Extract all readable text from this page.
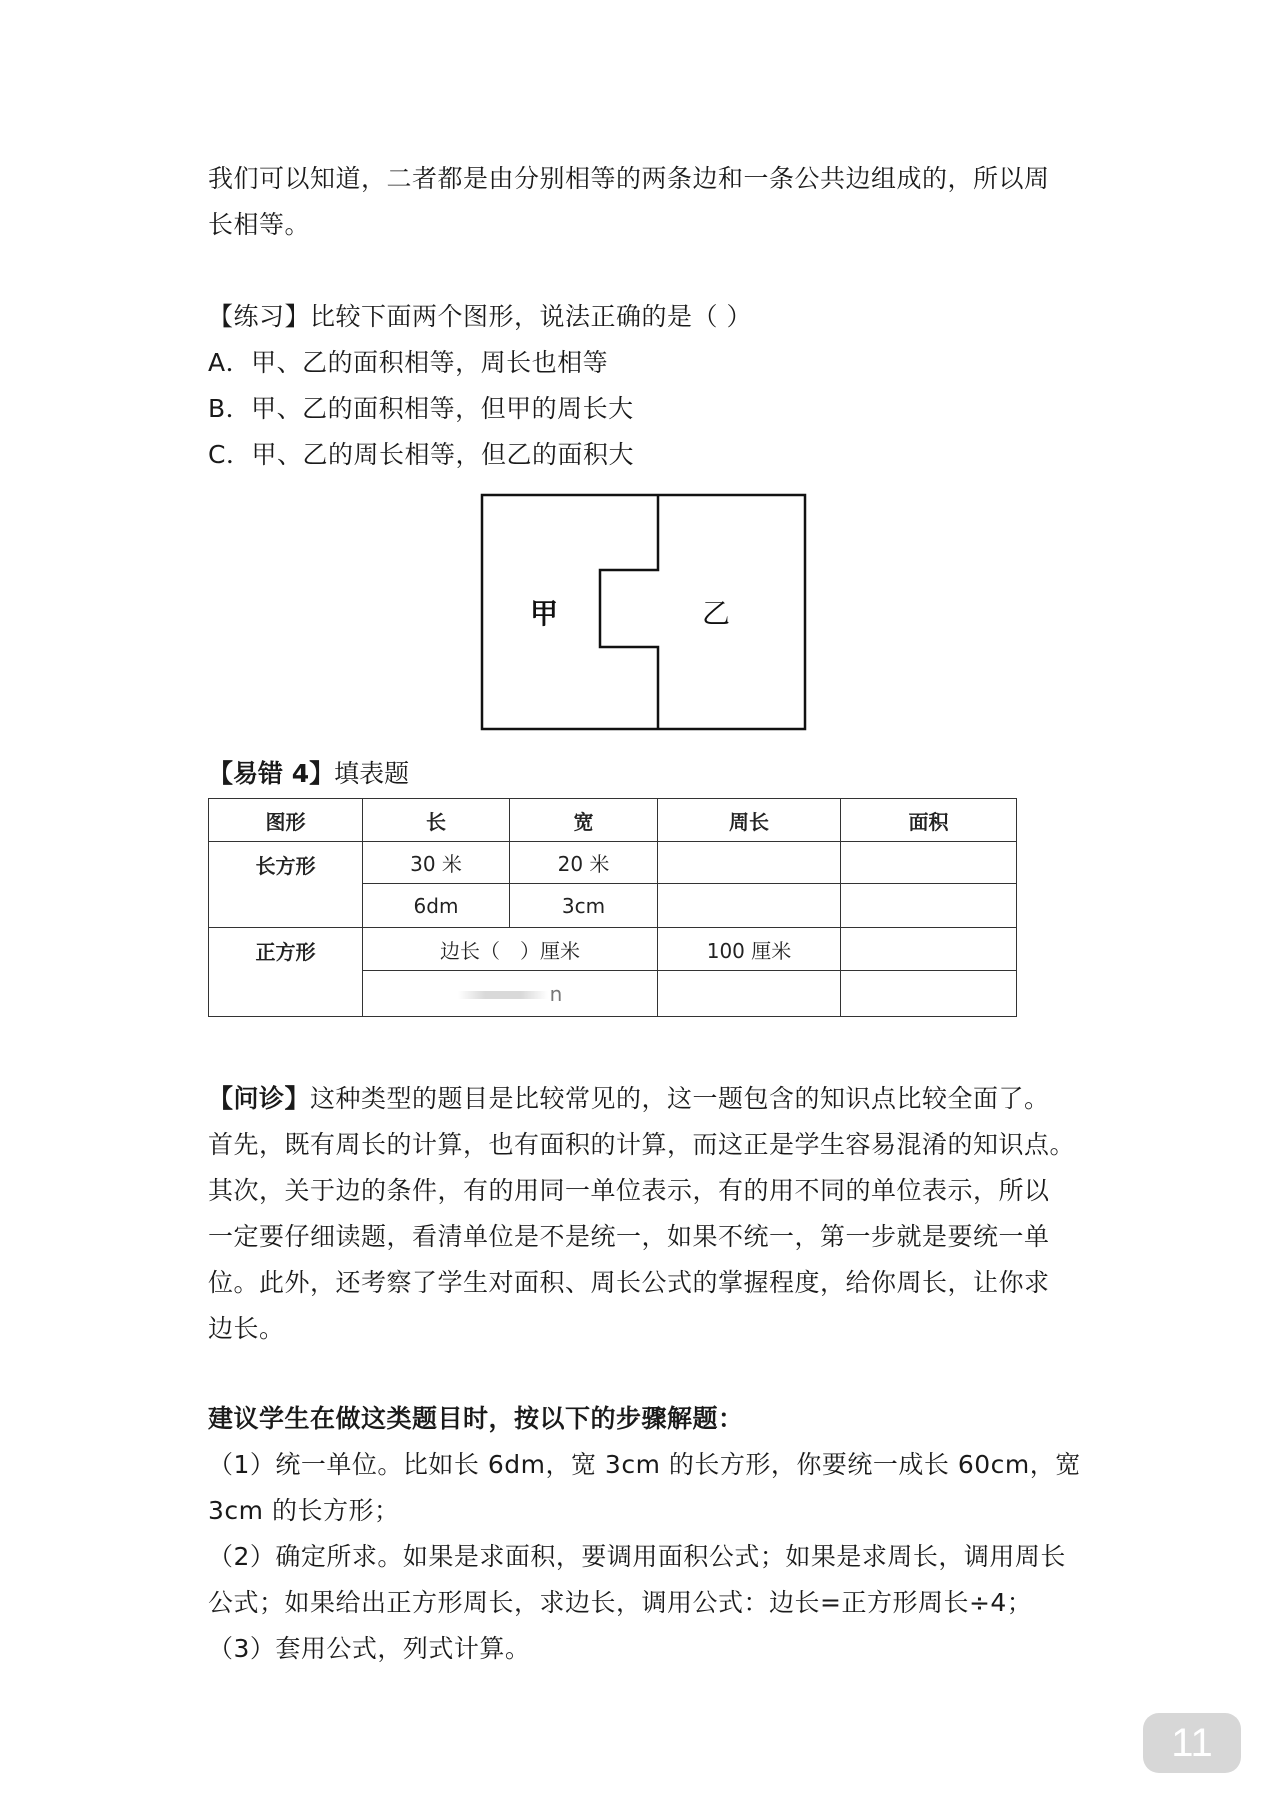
我们可以知道，二者都是由分别相等的两条边和一条公共边组成的，所以周
长相等。
【练习】比较下面两个图形，说法正确的是（ ）
A．甲、乙的面积相等，周长也相等
B．甲、乙的面积相等，但甲的周长大
C．甲、乙的周长相等，但乙的面积大
甲	乙
【易错 4】填表题
图形	长	宽	周长	面积
长方形	30 米	20 米		
	6dm	3cm		
正方形	边长（　）厘米		100 厘米	
	n			
【问诊】这种类型的题目是比较常见的，这一题包含的知识点比较全面了。
首先，既有周长的计算，也有面积的计算，而这正是学生容易混淆的知识点。
其次，关于边的条件，有的用同一单位表示，有的用不同的单位表示，所以
一定要仔细读题，看清单位是不是统一，如果不统一，第一步就是要统一单
位。此外，还考察了学生对面积、周长公式的掌握程度，给你周长，让你求
边长。
建议学生在做这类题目时，按以下的步骤解题：
（1）统一单位。比如长 6dm，宽 3cm 的长方形，你要统一成长 60cm，宽
3cm 的长方形；
（2）确定所求。如果是求面积，要调用面积公式；如果是求周长，调用周长
公式；如果给出正方形周长，求边长，调用公式：边长=正方形周长÷4；
（3）套用公式，列式计算。
11
